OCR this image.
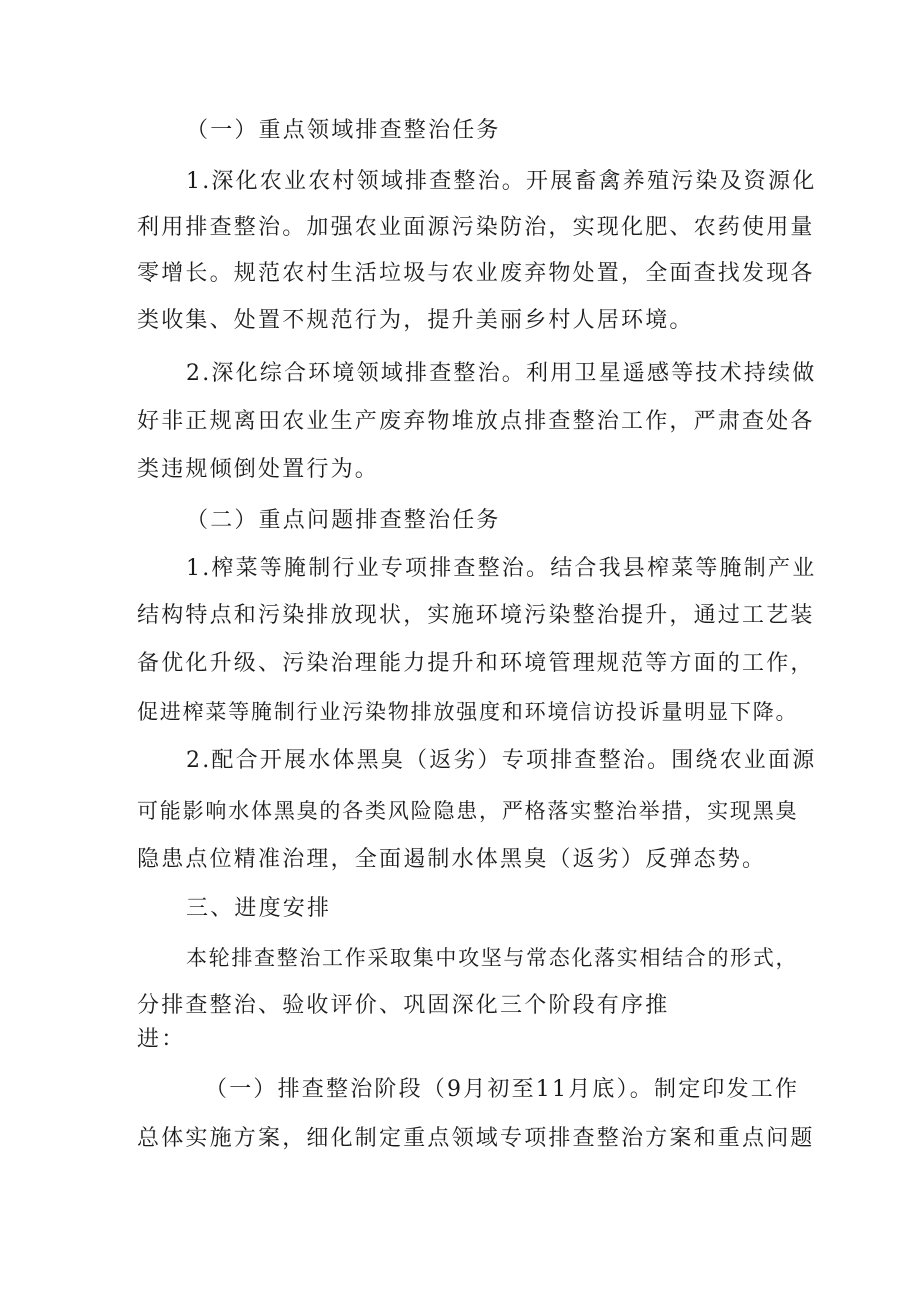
（一）重点领域排查整治任务
1.深化农业农村领域排查整治。开展畜禽养殖污染及资源化
利用排查整治。加强农业面源污染防治，实现化肥、农药使用量
零增长。规范农村生活垃圾与农业废弃物处置，全面查找发现各
类收集、处置不规范行为，提升美丽乡村人居环境。
2.深化综合环境领域排查整治。利用卫星遥感等技术持续做
好非正规离田农业生产废弃物堆放点排查整治工作，严肃查处各
类违规倾倒处置行为。
（二）重点问题排查整治任务
1.榨菜等腌制行业专项排查整治。结合我县榨菜等腌制产业
结构特点和污染排放现状，实施环境污染整治提升，通过工艺装
备优化升级、污染治理能力提升和环境管理规范等方面的工作，
促进榨菜等腌制行业污染物排放强度和环境信访投诉量明显下降。
2.配合开展水体黑臭（返劣）专项排查整治。围绕农业面源
可能影响水体黑臭的各类风险隐患，严格落实整治举措，实现黑臭
隐患点位精准治理，全面遏制水体黑臭（返劣）反弹态势。
三、进度安排
本轮排查整治工作采取集中攻坚与常态化落实相结合的形式，
分排查整治、验收评价、巩固深化三个阶段有序推
进：
（一）排查整治阶段（9月初至11月底）。制定印发工作
总体实施方案，细化制定重点领域专项排查整治方案和重点问题
